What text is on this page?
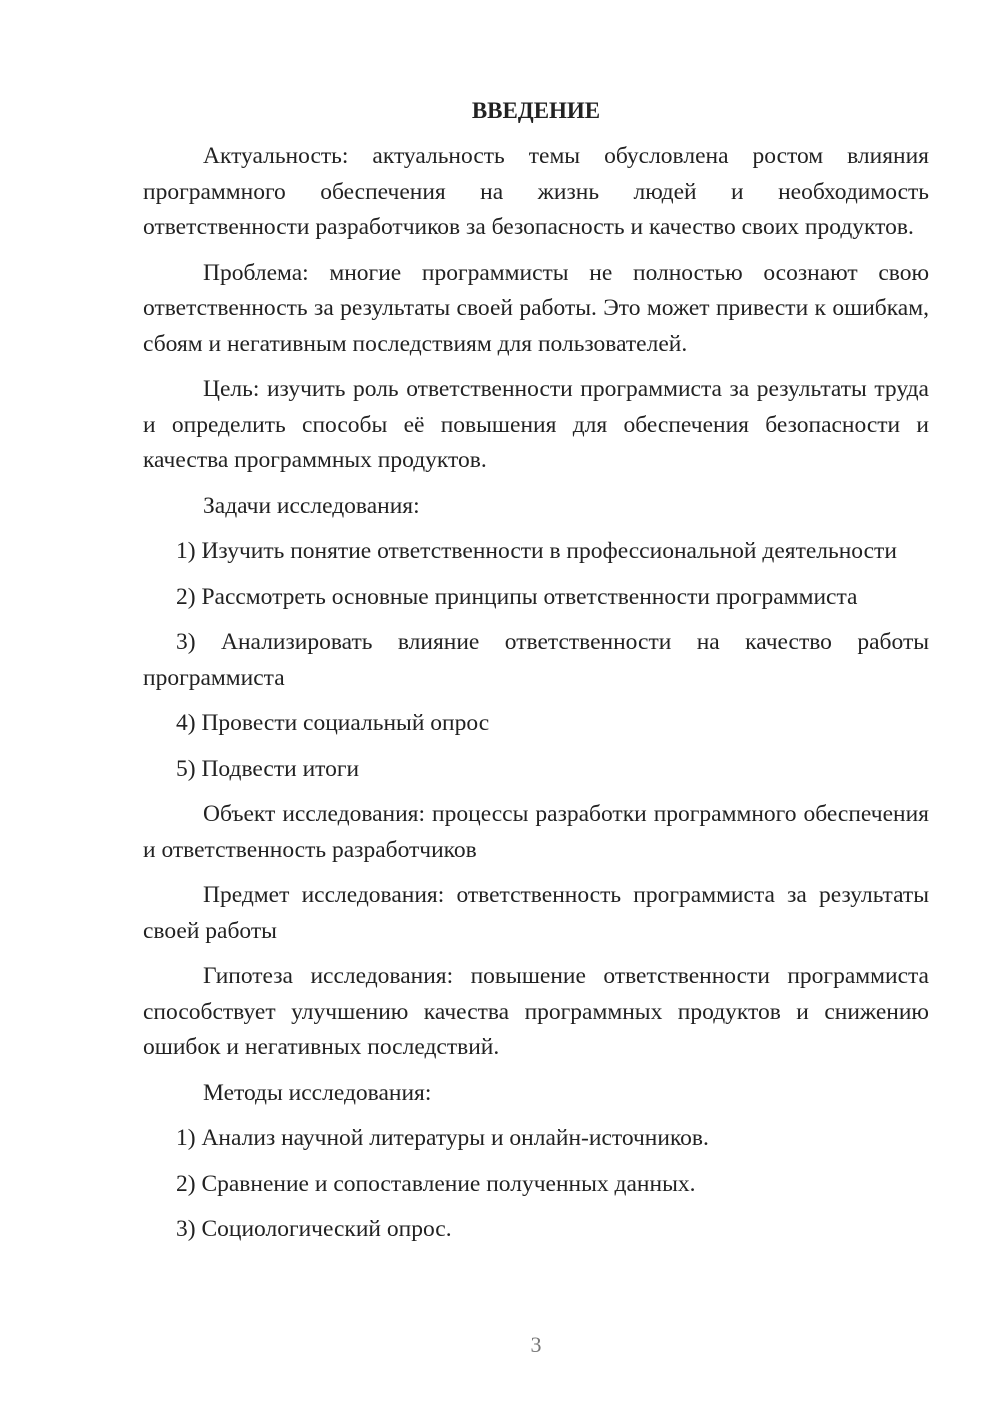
ВВЕДЕНИЕ

Актуальность: актуальность темы обусловлена ростом влияния программного обеспечения на жизнь людей и необходимость ответственности разработчиков за безопасность и качество своих продуктов.

Проблема: многие программисты не полностью осознают свою ответственность за результаты своей работы. Это может привести к ошибкам, сбоям и негативным последствиям для пользователей.

Цель: изучить роль ответственности программиста за результаты труда и определить способы её повышения для обеспечения безопасности и качества программных продуктов.

Задачи исследования:

1) Изучить понятие ответственности в профессиональной деятельности

2) Рассмотреть основные принципы ответственности программиста

3) Анализировать влияние ответственности на качество работы программиста

4) Провести социальный опрос

5) Подвести итоги

Объект исследования: процессы разработки программного обеспечения и ответственность разработчиков

Предмет исследования: ответственность программиста за результаты своей работы

Гипотеза исследования: повышение ответственности программиста способствует улучшению качества программных продуктов и снижению ошибок и негативных последствий.

Методы исследования:

1) Анализ научной литературы и онлайн-источников.

2) Сравнение и сопоставление полученных данных.

3) Социологический опрос.

3
